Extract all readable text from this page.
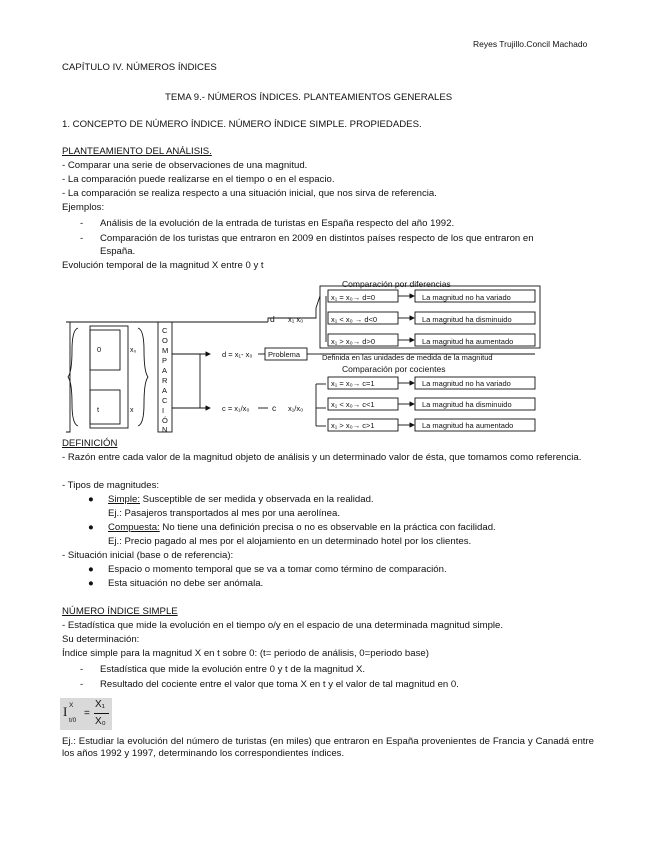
Reyes Trujillo.Concil Machado
CAPÍTULO IV. NÚMEROS ÍNDICES
TEMA 9.- NÚMEROS ÍNDICES. PLANTEAMIENTOS GENERALES
1. CONCEPTO DE NÚMERO ÍNDICE. NÚMERO ÍNDICE SIMPLE. PROPIEDADES.
PLANTEAMIENTO DEL ANÁLISIS.
- Comparar una serie de observaciones de una magnitud.
- La comparación puede realizarse en el tiempo o en el espacio.
- La comparación se realiza respecto a una situación inicial, que nos sirva de referencia.
Ejemplos:
- Análisis de la evolución de la entrada de turistas en España respecto del año 1992.
- Comparación de los turistas que entraron en 2009 en distintos países respecto de los que entraron en
España.
Evolución temporal de la magnitud X entre 0 y t
Comparación por diferencias
d x₁ x₀
0	x₀
t	x
C
O
M
P
A
R
A
C
I
Ó
N
d = x₁- x₀
c = x₁/x₀
Problema	Definida en las unidades de medida de la magnitud
c x₁/x₀
Comparación por cocientes
x₁ = x₀→ d=0	La magnitud no ha variado
x₁ < x₀ → d<0	La magnitud ha disminuido
x₁ > x₀→ d>0	La magnitud ha aumentado
x₁ = x₀→ c=1	La magnitud no ha variado
x₁ < x₀→ c<1	La magnitud ha disminuido
x₁ > x₀→ c>1	La magnitud ha aumentado
DEFINICIÓN
- Razón entre cada valor de la magnitud objeto de análisis y un determinado valor de ésta, que tomamos como referencia.
- Tipos de magnitudes:
● Simple: Susceptible de ser medida y observada en la realidad.
Ej.: Pasajeros transportados al mes por una aerolínea.
● Compuesta: No tiene una definición precisa o no es observable en la práctica con facilidad.
Ej.: Precio pagado al mes por el alojamiento en un determinado hotel por los clientes.
- Situación inicial (base o de referencia):
● Espacio o momento temporal que se va a tomar como término de comparación.
● Esta situación no debe ser anómala.
NÚMERO ÍNDICE SIMPLE
- Estadística que mide la evolución en el tiempo o/y en el espacio de una determinada magnitud simple.
Su determinación:
Índice simple para la magnitud X en t sobre 0: (t= periodo de análisis, 0=periodo base)
- Estadística que mide la evolución entre 0 y t de la magnitud X.
- Resultado del cociente entre el valor que toma X en t y el valor de tal magnitud en 0.
I X
t/0
=
X₁
X₀
Ej.: Estudiar la evolución del número de turistas (en miles) que entraron en España provenientes de Francia y Canadá entre los años 1992 y 1997, determinando los correspondientes índices.
